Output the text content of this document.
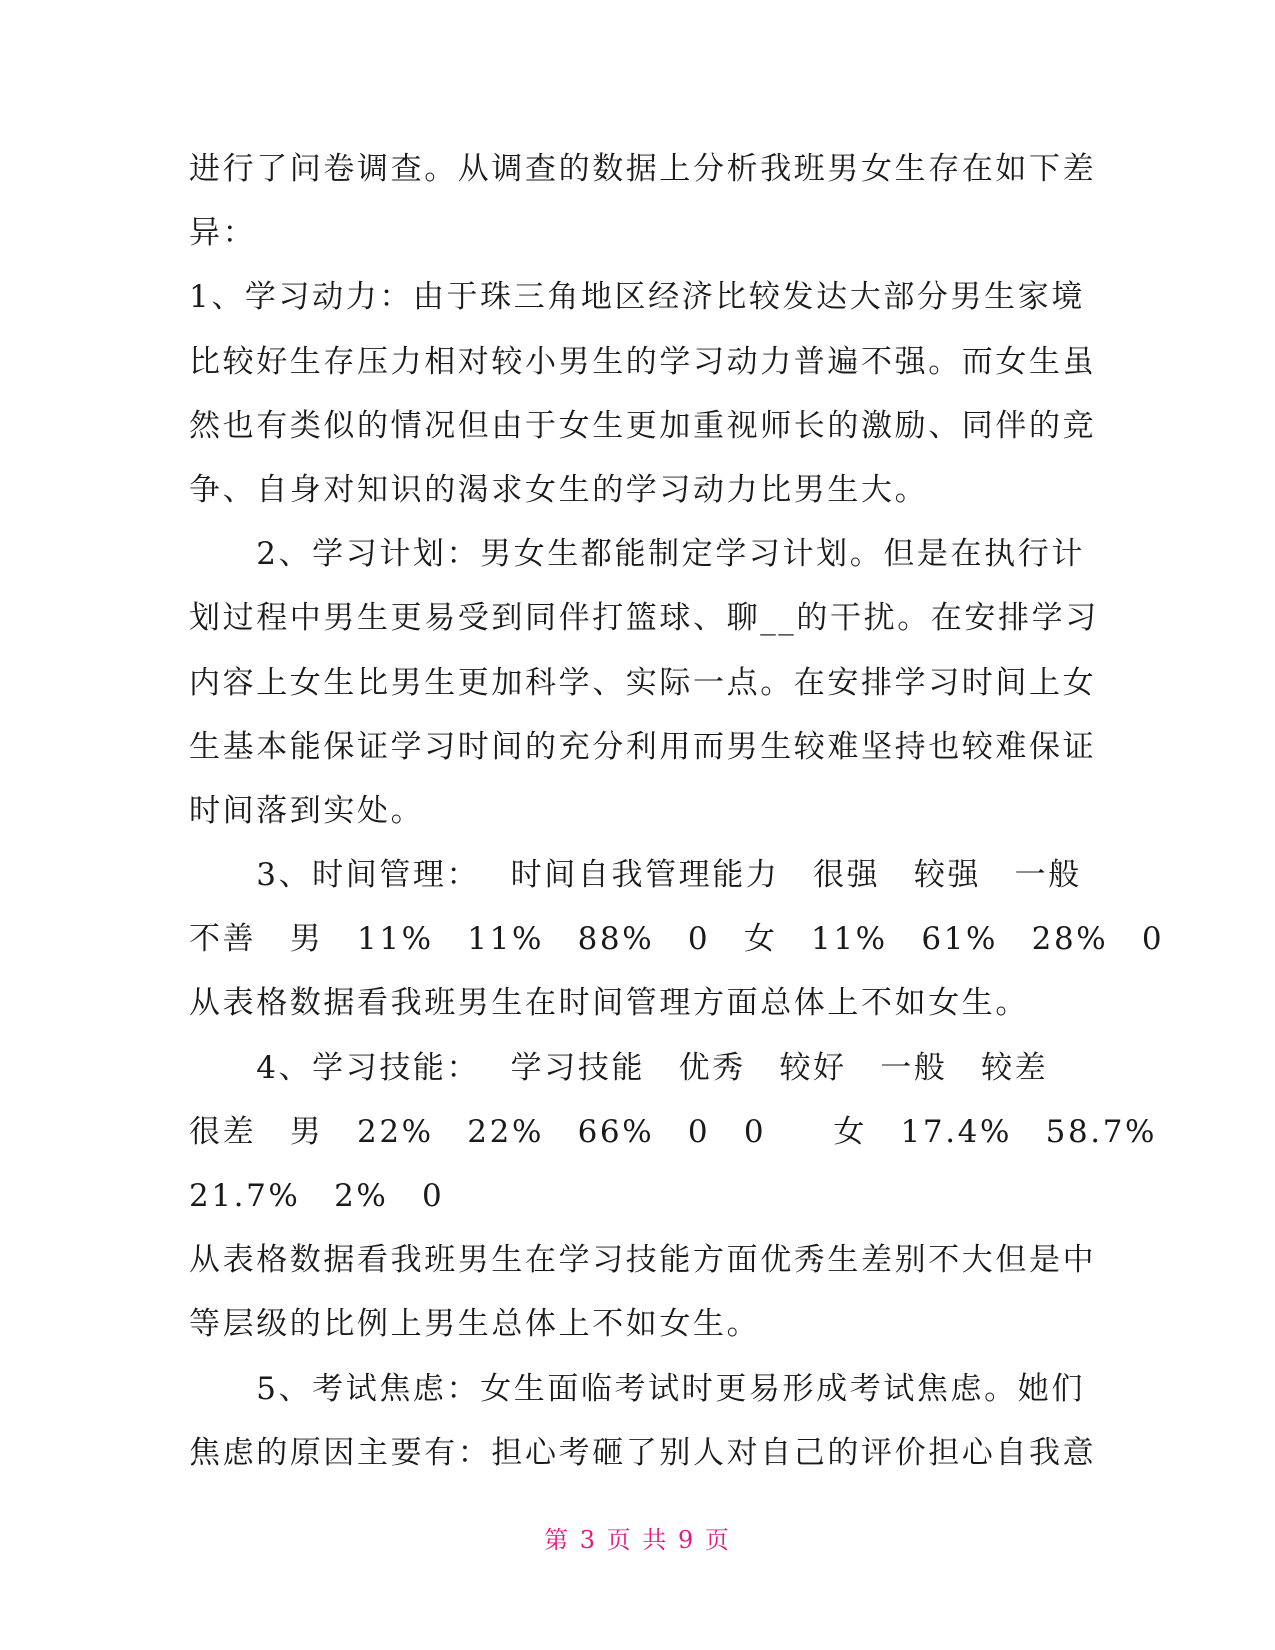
进行了问卷调查。从调查的数据上分析我班男女生存在如下差
异：
1、学习动力：由于珠三角地区经济比较发达大部分男生家境
比较好生存压力相对较小男生的学习动力普遍不强。而女生虽
然也有类似的情况但由于女生更加重视师长的激励、同伴的竞
争、自身对知识的渴求女生的学习动力比男生大。
　　2、学习计划：男女生都能制定学习计划。但是在执行计
划过程中男生更易受到同伴打篮球、聊__的干扰。在安排学习
内容上女生比男生更加科学、实际一点。在安排学习时间上女
生基本能保证学习时间的充分利用而男生较难坚持也较难保证
时间落到实处。
　　3、时间管理：　 时间自我管理能力　很强　较强　一般
不善　男　11%　11%　88%　0　女　11%　61%　28%　0
从表格数据看我班男生在时间管理方面总体上不如女生。
　　4、学习技能：　 学习技能　优秀　较好　一般　较差
很差　男　22%　22%　66%　0　0　　女　17.4%　58.7%
21.7%　2%　0
从表格数据看我班男生在学习技能方面优秀生差别不大但是中
等层级的比例上男生总体上不如女生。
　　5、考试焦虑：女生面临考试时更易形成考试焦虑。她们
焦虑的原因主要有：担心考砸了别人对自己的评价担心自我意
第 3 页 共 9 页
